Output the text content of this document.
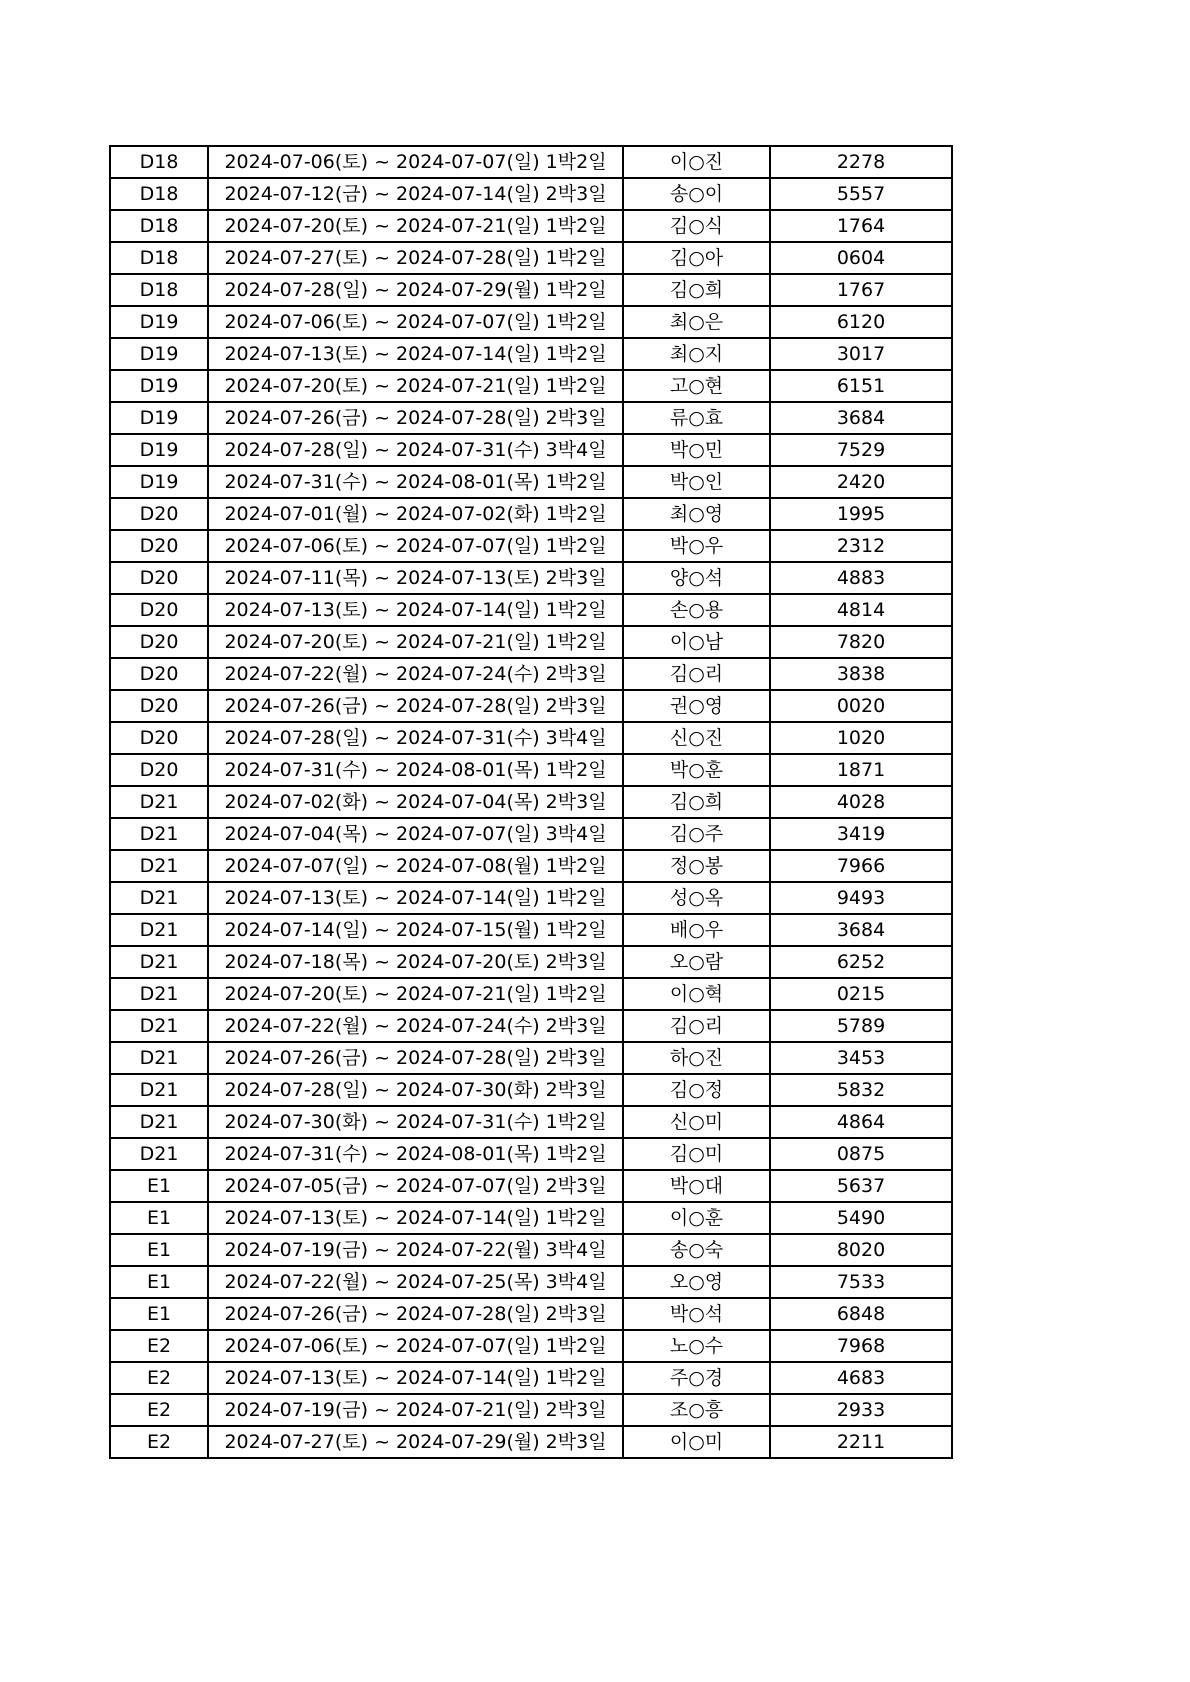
D18	2024-07-06(토) ~ 2024-07-07(일) 1박2일	이○진	2278
D18	2024-07-12(금) ~ 2024-07-14(일) 2박3일	송○이	5557
D18	2024-07-20(토) ~ 2024-07-21(일) 1박2일	김○식	1764
D18	2024-07-27(토) ~ 2024-07-28(일) 1박2일	김○아	0604
D18	2024-07-28(일) ~ 2024-07-29(월) 1박2일	김○희	1767
D19	2024-07-06(토) ~ 2024-07-07(일) 1박2일	최○은	6120
D19	2024-07-13(토) ~ 2024-07-14(일) 1박2일	최○지	3017
D19	2024-07-20(토) ~ 2024-07-21(일) 1박2일	고○현	6151
D19	2024-07-26(금) ~ 2024-07-28(일) 2박3일	류○효	3684
D19	2024-07-28(일) ~ 2024-07-31(수) 3박4일	박○민	7529
D19	2024-07-31(수) ~ 2024-08-01(목) 1박2일	박○인	2420
D20	2024-07-01(월) ~ 2024-07-02(화) 1박2일	최○영	1995
D20	2024-07-06(토) ~ 2024-07-07(일) 1박2일	박○우	2312
D20	2024-07-11(목) ~ 2024-07-13(토) 2박3일	양○석	4883
D20	2024-07-13(토) ~ 2024-07-14(일) 1박2일	손○용	4814
D20	2024-07-20(토) ~ 2024-07-21(일) 1박2일	이○남	7820
D20	2024-07-22(월) ~ 2024-07-24(수) 2박3일	김○리	3838
D20	2024-07-26(금) ~ 2024-07-28(일) 2박3일	권○영	0020
D20	2024-07-28(일) ~ 2024-07-31(수) 3박4일	신○진	1020
D20	2024-07-31(수) ~ 2024-08-01(목) 1박2일	박○훈	1871
D21	2024-07-02(화) ~ 2024-07-04(목) 2박3일	김○희	4028
D21	2024-07-04(목) ~ 2024-07-07(일) 3박4일	김○주	3419
D21	2024-07-07(일) ~ 2024-07-08(월) 1박2일	정○봉	7966
D21	2024-07-13(토) ~ 2024-07-14(일) 1박2일	성○옥	9493
D21	2024-07-14(일) ~ 2024-07-15(월) 1박2일	배○우	3684
D21	2024-07-18(목) ~ 2024-07-20(토) 2박3일	오○람	6252
D21	2024-07-20(토) ~ 2024-07-21(일) 1박2일	이○혁	0215
D21	2024-07-22(월) ~ 2024-07-24(수) 2박3일	김○리	5789
D21	2024-07-26(금) ~ 2024-07-28(일) 2박3일	하○진	3453
D21	2024-07-28(일) ~ 2024-07-30(화) 2박3일	김○정	5832
D21	2024-07-30(화) ~ 2024-07-31(수) 1박2일	신○미	4864
D21	2024-07-31(수) ~ 2024-08-01(목) 1박2일	김○미	0875
E1	2024-07-05(금) ~ 2024-07-07(일) 2박3일	박○대	5637
E1	2024-07-13(토) ~ 2024-07-14(일) 1박2일	이○훈	5490
E1	2024-07-19(금) ~ 2024-07-22(월) 3박4일	송○숙	8020
E1	2024-07-22(월) ~ 2024-07-25(목) 3박4일	오○영	7533
E1	2024-07-26(금) ~ 2024-07-28(일) 2박3일	박○석	6848
E2	2024-07-06(토) ~ 2024-07-07(일) 1박2일	노○수	7968
E2	2024-07-13(토) ~ 2024-07-14(일) 1박2일	주○경	4683
E2	2024-07-19(금) ~ 2024-07-21(일) 2박3일	조○흥	2933
E2	2024-07-27(토) ~ 2024-07-29(월) 2박3일	이○미	2211
